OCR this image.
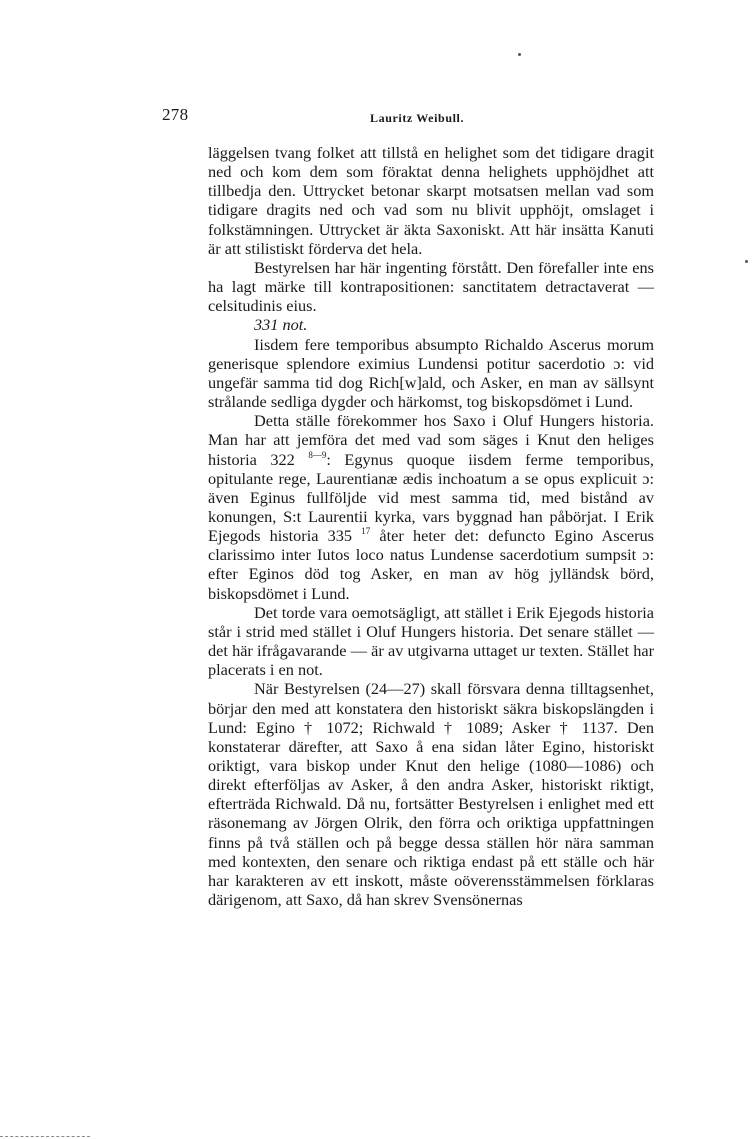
278	Lauritz Weibull.

läggelsen tvang folket att tillstå en helighet som det tidigare dragit ned och kom dem som föraktat denna helighets upphöjdhet att tillbedja den. Uttrycket betonar skarpt motsatsen mellan vad som tidigare dragits ned och vad som nu blivit upphöjt, omslaget i folkstämningen. Uttrycket är äkta Saxoniskt. Att här insätta Kanuti är att stilistiskt förderva det hela.

Bestyrelsen har här ingenting förstått. Den förefaller inte ens ha lagt märke till kontrapositionen: sanctitatem detractaverat — celsitudinis eius.

331 not.

Iisdem fere temporibus absumpto Richaldo Ascerus morum generisque splendore eximius Lundensi potitur sacerdotio ɔ: vid ungefär samma tid dog Rich[w]ald, och Asker, en man av sällsynt strålande sedliga dygder och härkomst, tog biskopsdömet i Lund.

Detta ställe förekommer hos Saxo i Oluf Hungers historia. Man har att jemföra det med vad som säges i Knut den heliges historia 322 $^{8—9}$: Egynus quoque iisdem ferme temporibus, opitulante rege, Laurentianæ ædis inchoatum a se opus explicuit ɔ: även Eginus fullföljde vid mest samma tid, med bistånd av konungen, S:t Laurentii kyrka, vars byggnad han påbörjat. I Erik Ejegods historia 335 $^{17}$ åter heter det: defuncto Egino Ascerus clarissimo inter Iutos loco natus Lundense sacerdotium sumpsit ɔ: efter Eginos död tog Asker, en man av hög jylländsk börd, biskopsdömet i Lund.

Det torde vara oemotsägligt, att stället i Erik Ejegods historia står i strid med stället i Oluf Hungers historia. Det senare stället — det här ifrågavarande — är av utgivarna uttaget ur texten. Stället har placerats i en not.

När Bestyrelsen (24—27) skall försvara denna tilltagsenhet, börjar den med att konstatera den historiskt säkra biskopslängden i Lund: Egino † 1072; Richwald † 1089; Asker † 1137. Den konstaterar därefter, att Saxo å ena sidan låter Egino, historiskt oriktigt, vara biskop under Knut den helige (1080—1086) och direkt efterföljas av Asker, å den andra Asker, historiskt riktigt, efterträda Richwald. Då nu, fortsätter Bestyrelsen i enlighet med ett räsonemang av Jörgen Olrik, den förra och oriktiga uppfattningen finns på två ställen och på begge dessa ställen hör nära samman med kontexten, den senare och riktiga endast på ett ställe och här har karakteren av ett inskott, måste oöverensstämmelsen förklaras därigenom, att Saxo, då han skrev Svensönernas
